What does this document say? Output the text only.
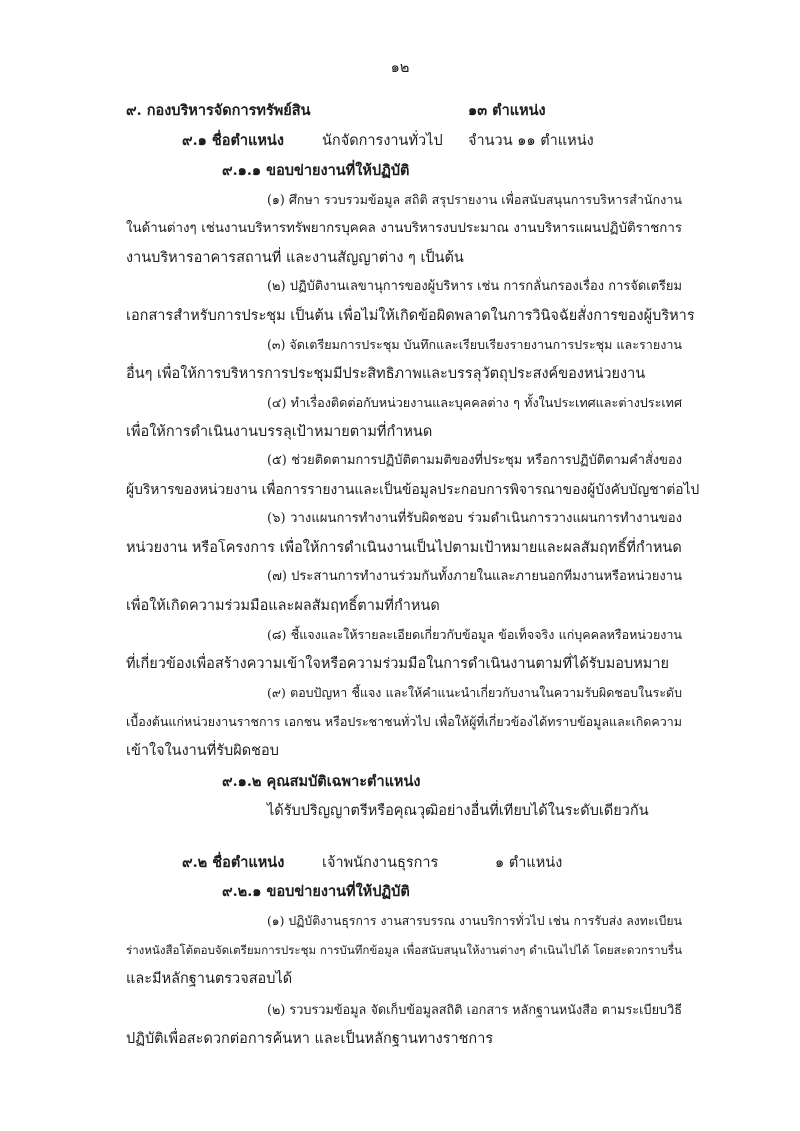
๑๒
๙. กองบริหารจัดการทรัพย์สิน	๑๓ ตำแหน่ง
๙.๑ ชื่อตำแหน่ง	นักจัดการงานทั่วไป จำนวน ๑๑ ตำแหน่ง
๙.๑.๑ ขอบข่ายงานที่ให้ปฏิบัติ
(๑) ศึกษา รวบรวมข้อมูล สถิติ สรุปรายงาน เพื่อสนับสนุนการบริหารสำนักงาน
ในด้านต่างๆ เช่นงานบริหารทรัพยากรบุคคล งานบริหารงบประมาณ งานบริหารแผนปฏิบัติราชการ
งานบริหารอาคารสถานที่ และงานสัญญาต่าง ๆ เป็นต้น
(๒) ปฏิบัติงานเลขานุการของผู้บริหาร เช่น การกลั่นกรองเรื่อง การจัดเตรียม
เอกสารสำหรับการประชุม เป็นต้น เพื่อไม่ให้เกิดข้อผิดพลาดในการวินิจฉัยสั่งการของผู้บริหาร
(๓) จัดเตรียมการประชุม บันทึกและเรียบเรียงรายงานการประชุม และรายงาน
อื่นๆ เพื่อให้การบริหารการประชุมมีประสิทธิภาพและบรรลุวัตถุประสงค์ของหน่วยงาน
(๔) ทำเรื่องติดต่อกับหน่วยงานและบุคคลต่าง ๆ ทั้งในประเทศและต่างประเทศ
เพื่อให้การดำเนินงานบรรลุเป้าหมายตามที่กำหนด
(๕) ช่วยติดตามการปฏิบัติตามมติของที่ประชุม หรือการปฏิบัติตามคำสั่งของ
ผู้บริหารของหน่วยงาน เพื่อการรายงานและเป็นข้อมูลประกอบการพิจารณาของผู้บังคับบัญชาต่อไป
(๖) วางแผนการทำงานที่รับผิดชอบ ร่วมดำเนินการวางแผนการทำงานของ
หน่วยงาน หรือโครงการ เพื่อให้การดำเนินงานเป็นไปตามเป้าหมายและผลสัมฤทธิ์ที่กำหนด
(๗) ประสานการทำงานร่วมกันทั้งภายในและภายนอกทีมงานหรือหน่วยงาน
เพื่อให้เกิดความร่วมมือและผลสัมฤทธิ์ตามที่กำหนด
(๘) ชี้แจงและให้รายละเอียดเกี่ยวกับข้อมูล ข้อเท็จจริง แก่บุคคลหรือหน่วยงาน
ที่เกี่ยวข้องเพื่อสร้างความเข้าใจหรือความร่วมมือในการดำเนินงานตามที่ได้รับมอบหมาย
(๙) ตอบปัญหา ชี้แจง และให้คำแนะนำเกี่ยวกับงานในความรับผิดชอบในระดับ
เบื้องต้นแก่หน่วยงานราชการ เอกชน หรือประชาชนทั่วไป เพื่อให้ผู้ที่เกี่ยวข้องได้ทราบข้อมูลและเกิดความ
เข้าใจในงานที่รับผิดชอบ
๙.๑.๒ คุณสมบัติเฉพาะตำแหน่ง
ได้รับปริญญาตรีหรือคุณวุฒิอย่างอื่นที่เทียบได้ในระดับเดียวกัน
๙.๒ ชื่อตำแหน่ง	เจ้าพนักงานธุรการ	๑ ตำแหน่ง
๙.๒.๑ ขอบข่ายงานที่ให้ปฏิบัติ
(๑) ปฏิบัติงานธุรการ งานสารบรรณ งานบริการทั่วไป เช่น การรับส่ง ลงทะเบียน
ร่างหนังสือโต้ตอบจัดเตรียมการประชุม การบันทึกข้อมูล เพื่อสนับสนุนให้งานต่างๆ ดำเนินไปได้ โดยสะดวกราบรื่น
และมีหลักฐานตรวจสอบได้
(๒) รวบรวมข้อมูล จัดเก็บข้อมูลสถิติ เอกสาร หลักฐานหนังสือ ตามระเบียบวิธี
ปฏิบัติเพื่อสะดวกต่อการค้นหา และเป็นหลักฐานทางราชการ
